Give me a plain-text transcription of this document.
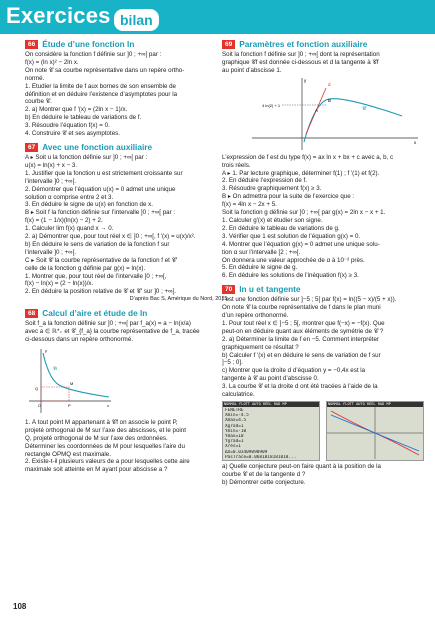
Exercices bilan
66 Étude d’une fonction ln
On considère la fonction f définie sur ]0 ; +∞[ par :
f(x) = (ln x)² − 2ln x.
On note 𝒞 sa courbe représentative dans un repère ortho-
normé.
1. Étudier la limite de f aux bornes de son ensemble de
définition et en déduire l’existence d’asymptotes pour la
courbe 𝒞.
2. a) Montrer que f ′(x) = (2ln x − 1)/x.
b) En déduire le tableau de variations de f.
3. Résoudre l’équation f(x) = 0.
4. Construire 𝒞 et ses asymptotes.
67 Avec une fonction auxiliaire
A ▸ Soit u la fonction définie sur ]0 ; +∞[ par :
u(x) = ln(x) + x − 3.
1. Justifier que la fonction u est strictement croissante sur
l’intervalle ]0 ; +∞[.
2. Démontrer que l’équation u(x) = 0 admet une unique
solution α comprise entre 2 et 3.
3. En déduire le signe de u(x) en fonction de x.
B ▸ Soit f la fonction définie sur l’intervalle ]0 ; +∞[ par :
f(x) = (1 − 1/x)(ln(x) − 2) + 2.
1. Calculer lim f(x) quand x → 0.
2. a) Démontrer que, pour tout réel x ∈ ]0 ; +∞[, f ′(x) = u(x)/x².
b) En déduire le sens de variation de la fonction f sur
l’intervalle ]0 ; +∞[.
C ▸ Soit 𝒞 la courbe représentative de la fonction f et 𝒞′
celle de la fonction g définie par g(x) = ln(x).
1. Montrer que, pour tout réel de l’intervalle ]0 ; +∞[,
f(x) − ln(x) = (2 − ln(x))/x.
2. En déduire la position relative de 𝒞 et 𝒞′ sur ]0 ; +∞[.
D’après Bac S, Amérique du Nord, 2015.
68 Calcul d’aire et étude de ln
Soit f_a la fonction définie sur ]0 ; +∞[ par f_a(x) = a − ln(x/a)
avec a ∈ ℝ*₊ et 𝒞_{f_a} la courbe représentative de f_a, tracée
ci-dessous dans un repère orthonormé.
y
x
𝒞f
M
P
Q
O
1. À tout point M appartenant à 𝒞f on associe le point P,
projeté orthogonal de M sur l’axe des abscisses, et le point
Q, projeté orthogonal de M sur l’axe des ordonnées.
Déterminer les coordonnées de M pour lesquelles l’aire du
rectangle OPMQ est maximale.
2. Existe-t-il plusieurs valeurs de a pour lesquelles cette aire
maximale soit atteinte en M ayant pour abscisse a ?
69 Paramètres et fonction auxiliaire
Soit la fonction f définie sur ]0 ; +∞[ dont la représentation
graphique 𝒞f est donnée ci-dessous et d la tangente à 𝒞f
au point d’abscisse 1.
y
x
d
B
A	𝒞f
4 ln(2) + 1
L’expression de f est du type f(x) = ax ln x + bx + c avec a, b, c
trois réels.
A ▸ 1. Par lecture graphique, déterminer f(1) ; f ′(1) et f(2).
2. En déduire l’expression de f.
3. Résoudre graphiquement f(x) ≥ 3.
B ▸ On admettra pour la suite de l’exercice que :
f(x) = 4ln x − 2x + 5.
Soit la fonction g définie sur ]0 ; +∞[ par g(x) = 2ln x − x + 1.
1. Calculer g′(x) et étudier son signe.
2. En déduire le tableau de variations de g.
3. Vérifier que 1 est solution de l’équation g(x) = 0.
4. Montrer que l’équation g(x) = 0 admet une unique solu-
tion α sur l’intervalle [2 ; +∞[.
On donnera une valeur approchée de α à 10⁻² près.
5. En déduire le signe de g.
6. En déduire les solutions de l’inéquation f(x) ≥ 3.
70 ln u et tangente
f est une fonction définie sur ]−5 ; 5[ par f(x) = ln((5 − x)/(5 + x)).
On note 𝒞 la courbe représentative de f dans le plan muni
d’un repère orthonormé.
1. Pour tout réel x ∈ ]−5 ; 5[, montrer que f(−x) = −f(x). Que
peut-on en déduire quant aux éléments de symétrie de 𝒞 ?
2. a) Déterminer la limite de f en −5. Comment interpréter
graphiquement ce résultat ?
b) Calculer f ′(x) et en déduire le sens de variation de f sur
]−5 ; 0].
c) Montrer que la droite d d’équation y = −0,4x est la
tangente à 𝒞 au point d’abscisse 0.
3. La courbe 𝒞 et la droite d ont été tracées à l’aide de la
calculatrice.
NORMAL FLOTT AUTO RÉEL RAD MP
FENÊTRE
Xmin=-4.5
Xmax=4.5
Xgrad=1
Ymin=-10
Ymax=10
Ygrad=1
Xrés=1
ΔX=0.03409090909
PasTrace=0.0681818181818...
NORMAL FLOTT AUTO RÉEL RAD MP
a) Quelle conjecture peut-on faire quant à la position de la
courbe 𝒞 et de la tangente d ?
b) Démontrer cette conjecture.
108
